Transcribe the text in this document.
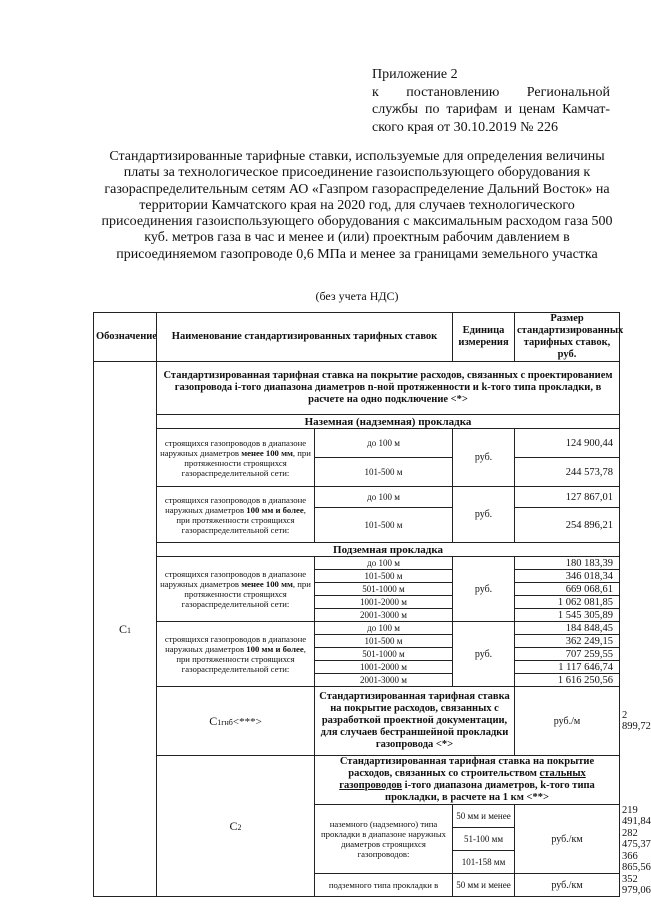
Приложение 2
к постановлению Региональной
службы по тарифам и ценам Камчат-
ского края от 30.10.2019 № 226
Стандартизированные тарифные ставки, используемые для определения величины платы за технологическое присоединение газоиспользующего оборудования к газораспределительным сетям АО «Газпром газораспределение Дальний Восток» на территории Камчатского края на 2020 год, для случаев технологического присоединения газоиспользующего оборудования с максимальным расходом газа 500 куб. метров газа в час и менее и (или) проектным рабочим давлением в присоединяемом газопроводе 0,6 МПа и менее за границами земельного участка
(без учета НДС)
Обозначение	Наименование стандартизированных тарифных ставок		Единица измерения	Размер стандартизированных тарифных ставок, руб.	
C1	Стандартизированная тарифная ставка на покрытие расходов, связанных с проектированием газопровода i-того диапазона диаметров n-ной протяженности и k-того типа прокладки, в расчете на одно подключение <*>				
	Наземная (надземная) прокладка				
	строящихся газопроводов в диапазоне наружных диаметров менее 100 мм, при протяженности строящихся газораспределительной сети:	до 100 м	руб.	124 900,44	
		101-500 м		244 573,78	
	строящихся газопроводов в диапазоне наружных диаметров 100 мм и более, при протяженности строящихся газораспределительной сети:	до 100 м	руб.	127 867,01	
		101-500 м		254 896,21	
	Подземная прокладка				
	строящихся газопроводов в диапазоне наружных диаметров менее 100 мм, при протяженности строящихся газораспределительной сети:	до 100 м	руб.	180 183,39	
		101-500 м		346 018,34	
		501-1000 м		669 068,61	
		1001-2000 м		1 062 081,85	
		2001-3000 м		1 545 305,89	
	строящихся газопроводов в диапазоне наружных диаметров 100 мм и более, при протяженности строящихся газораспределительной сети:	до 100 м	руб.	184 848,45	
		101-500 м		362 249,15	
		501-1000 м		707 259,55	
		1001-2000 м		1 117 646,74	
		2001-3000 м		1 616 250,56	
	C1гнб<***>	Стандартизированная тарифная ставка на покрытие расходов, связанных с разработкой проектной документации, для случаев бестраншейной прокладки газопровода <*>		руб./м	2 899,72
	C2	Стандартизированная тарифная ставка на покрытие расходов, связанных со строительством стальных газопроводов i-того диапазона диаметров, k-того типа прокладки, в расчете на 1 км <**>			
		наземного (надземного) типа прокладки в диапазоне наружных диаметров строящихся газопроводов:	50 мм и менее	руб./км	219 491,84
			51-100 мм		282 475,37
			101-158 мм		366 865,56
		подземного типа прокладки в	50 мм и менее	руб./км	352 979,06
